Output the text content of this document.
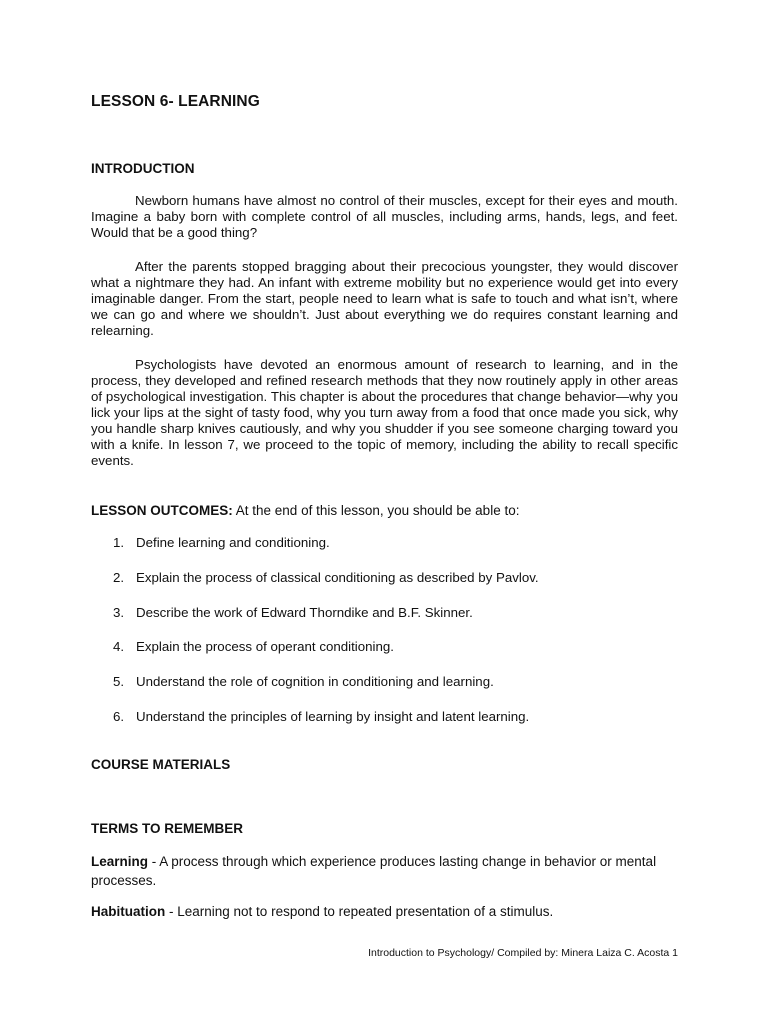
LESSON 6- LEARNING
INTRODUCTION

Newborn humans have almost no control of their muscles, except for their eyes and mouth. Imagine a baby born with complete control of all muscles, including arms, hands, legs, and feet. Would that be a good thing?

After the parents stopped bragging about their precocious youngster, they would discover what a nightmare they had. An infant with extreme mobility but no experience would get into every imaginable danger. From the start, people need to learn what is safe to touch and what isn’t, where we can go and where we shouldn’t. Just about everything we do requires constant learning and relearning.

Psychologists have devoted an enormous amount of research to learning, and in the process, they developed and refined research methods that they now routinely apply in other areas of psychological investigation. This chapter is about the procedures that change behavior—why you lick your lips at the sight of tasty food, why you turn away from a food that once made you sick, why you handle sharp knives cautiously, and why you shudder if you see someone charging toward you with a knife. In lesson 7, we proceed to the topic of memory, including the ability to recall specific events.

LESSON OUTCOMES: At the end of this lesson, you should be able to:
1. Define learning and conditioning.
2. Explain the process of classical conditioning as described by Pavlov.
3. Describe the work of Edward Thorndike and B.F. Skinner.
4. Explain the process of operant conditioning.
5. Understand the role of cognition in conditioning and learning.
6. Understand the principles of learning by insight and latent learning.
COURSE MATERIALS
TERMS TO REMEMBER

Learning - A process through which experience produces lasting change in behavior or mental processes.

Habituation - Learning not to respond to repeated presentation of a stimulus.

Introduction to Psychology/ Compiled by: Minera Laiza C. Acosta 1
